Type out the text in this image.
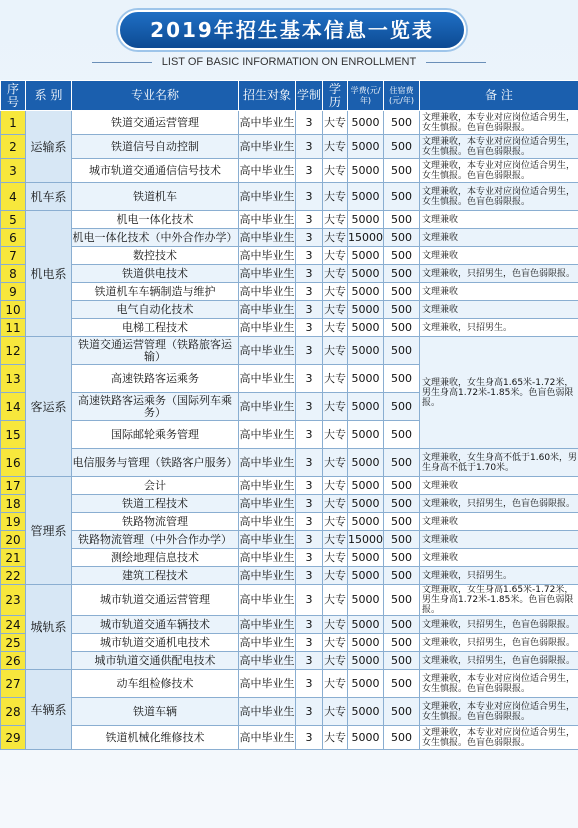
2019年招生基本信息一览表
LIST OF BASIC INFORMATION ON ENROLLMENT
序号	系 别	专业名称	招生对象	学制	学历	学费(元/年)	住宿费(元/年)	备 注
1	运输系	铁道交通运营管理	高中毕业生	3	大专	5000	500	文理兼收，本专业对应岗位适合男生，女生慎报。色盲色弱限报。
2		铁道信号自动控制	高中毕业生	3	大专	5000	500	文理兼收，本专业对应岗位适合男生，女生慎报。色盲色弱限报。
3		城市轨道交通通信信号技术	高中毕业生	3	大专	5000	500	文理兼收，本专业对应岗位适合男生，女生慎报。色盲色弱限报。
4	机车系	铁道机车	高中毕业生	3	大专	5000	500	文理兼收，本专业对应岗位适合男生，女生慎报。色盲色弱限报。
5	机电系	机电一体化技术	高中毕业生	3	大专	5000	500	文理兼收
6		机电一体化技术（中外合作办学）	高中毕业生	3	大专	15000	500	文理兼收
7		数控技术	高中毕业生	3	大专	5000	500	文理兼收
8		铁道供电技术	高中毕业生	3	大专	5000	500	文理兼收，只招男生，色盲色弱限报。
9		铁道机车车辆制造与维护	高中毕业生	3	大专	5000	500	文理兼收
10		电气自动化技术	高中毕业生	3	大专	5000	500	文理兼收
11		电梯工程技术	高中毕业生	3	大专	5000	500	文理兼收，只招男生。
12	客运系	铁道交通运营管理（铁路旅客运输）	高中毕业生	3	大专	5000	500	文理兼收，女生身高1.65米-1.72米，男生身高1.72米-1.85米。色盲色弱限报。
13		高速铁路客运乘务	高中毕业生	3	大专	5000	500	
14		高速铁路客运乘务（国际列车乘务）	高中毕业生	3	大专	5000	500	
15		国际邮轮乘务管理	高中毕业生	3	大专	5000	500	
16		电信服务与管理（铁路客户服务）	高中毕业生	3	大专	5000	500	文理兼收，女生身高不低于1.60米，男生身高不低于1.70米。
17	管理系	会计	高中毕业生	3	大专	5000	500	文理兼收
18		铁道工程技术	高中毕业生	3	大专	5000	500	文理兼收，只招男生，色盲色弱限报。
19		铁路物流管理	高中毕业生	3	大专	5000	500	文理兼收
20		铁路物流管理（中外合作办学）	高中毕业生	3	大专	15000	500	文理兼收
21		测绘地理信息技术	高中毕业生	3	大专	5000	500	文理兼收
22		建筑工程技术	高中毕业生	3	大专	5000	500	文理兼收，只招男生。
23	城轨系	城市轨道交通运营管理	高中毕业生	3	大专	5000	500	文理兼收，女生身高1.65米-1.72米，男生身高1.72米-1.85米。色盲色弱限报。
24		城市轨道交通车辆技术	高中毕业生	3	大专	5000	500	文理兼收，只招男生，色盲色弱限报。
25		城市轨道交通机电技术	高中毕业生	3	大专	5000	500	文理兼收，只招男生，色盲色弱限报。
26		城市轨道交通供配电技术	高中毕业生	3	大专	5000	500	文理兼收，只招男生，色盲色弱限报。
27	车辆系	动车组检修技术	高中毕业生	3	大专	5000	500	文理兼收，本专业对应岗位适合男生，女生慎报。色盲色弱限报。
28		铁道车辆	高中毕业生	3	大专	5000	500	文理兼收，本专业对应岗位适合男生，女生慎报。色盲色弱限报。
29		铁道机械化维修技术	高中毕业生	3	大专	5000	500	文理兼收，本专业对应岗位适合男生，女生慎报。色盲色弱限报。
